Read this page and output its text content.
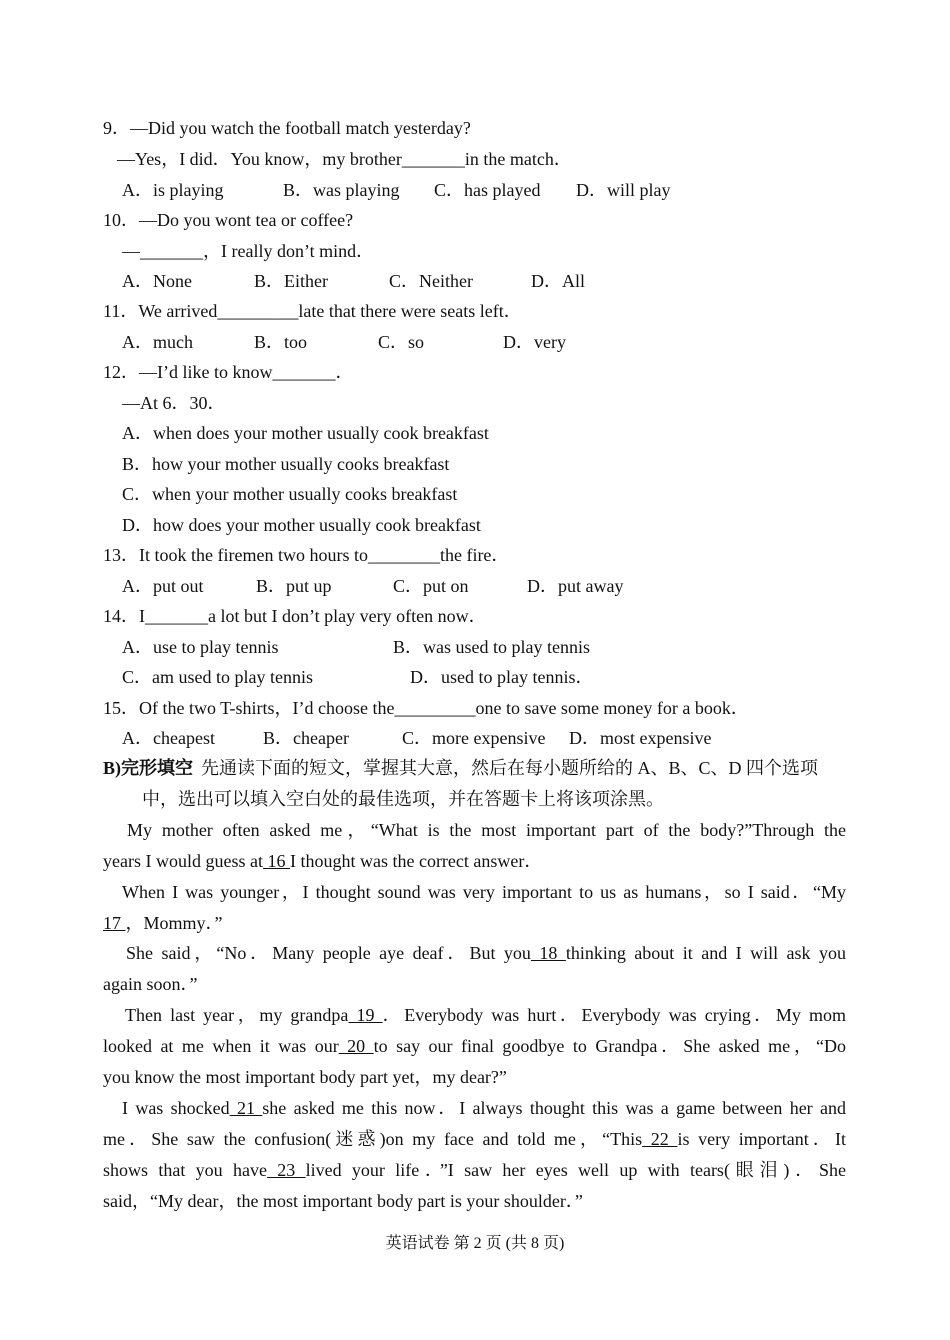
9．—Did you watch the football match yesterday?
—Yes，I did．You know，my brother_______in the match．
A．is playing	B．was playing C．has played D．will play
10．—Do you wont tea or coffee?
—_______，I really don’t mind．
A．None	B．Either	C．Neither	D．All
11．We arrived_________late that there were seats left．
A．much	B．too	C．so	D．very
12．—I’d like to know_______．
—At 6．30．
A．when does your mother usually cook breakfast
B．how your mother usually cooks breakfast
C．when your mother usually cooks breakfast
D．how does your mother usually cook breakfast
13．It took the firemen two hours to________the fire．
A．put out	B．put up	C．put on	D．put away
14．I_______a lot but I don’t play very often now．
A．use to play tennis	B．was used to play tennis
C．am used to play tennis	D．used to play tennis．
15．Of the two T-shirts，I’d choose the_________one to save some money for a book．
A．cheapest	B．cheaper	C．more expensive D．most expensive
B)完形填空 先通读下面的短文，掌握其大意，然后在每小题所给的 A、B、C、D 四个选项
中，选出可以填入空白处的最佳选项，并在答题卡上将该项涂黑。
My mother often asked me，“What is the most important part of the body?”Through the
years I would guess at 16 I thought was the correct answer．
When I was younger，I thought sound was very important to us as humans，so I said．“My
17 ，Mommy．”
She said，“No．Many people aye deaf．But you 18 thinking about it and I will ask you
again soon．”
Then last year，my grandpa 19 ．Everybody was hurt．Everybody was crying．My mom
looked at me when it was our 20 to say our final goodbye to Grandpa．She asked me，“Do
you know the most important body part yet，my dear?”
I was shocked 21 she asked me this now．I always thought this was a game between her and
me．She saw the confusion(迷惑)on my face and told me，“This 22 is very important．It
shows that you have 23 lived your life．”I saw her eyes well up with tears(眼泪)．She
said，“My dear，the most important body part is your shoulder．”
英语试卷 第 2 页 (共 8 页)
